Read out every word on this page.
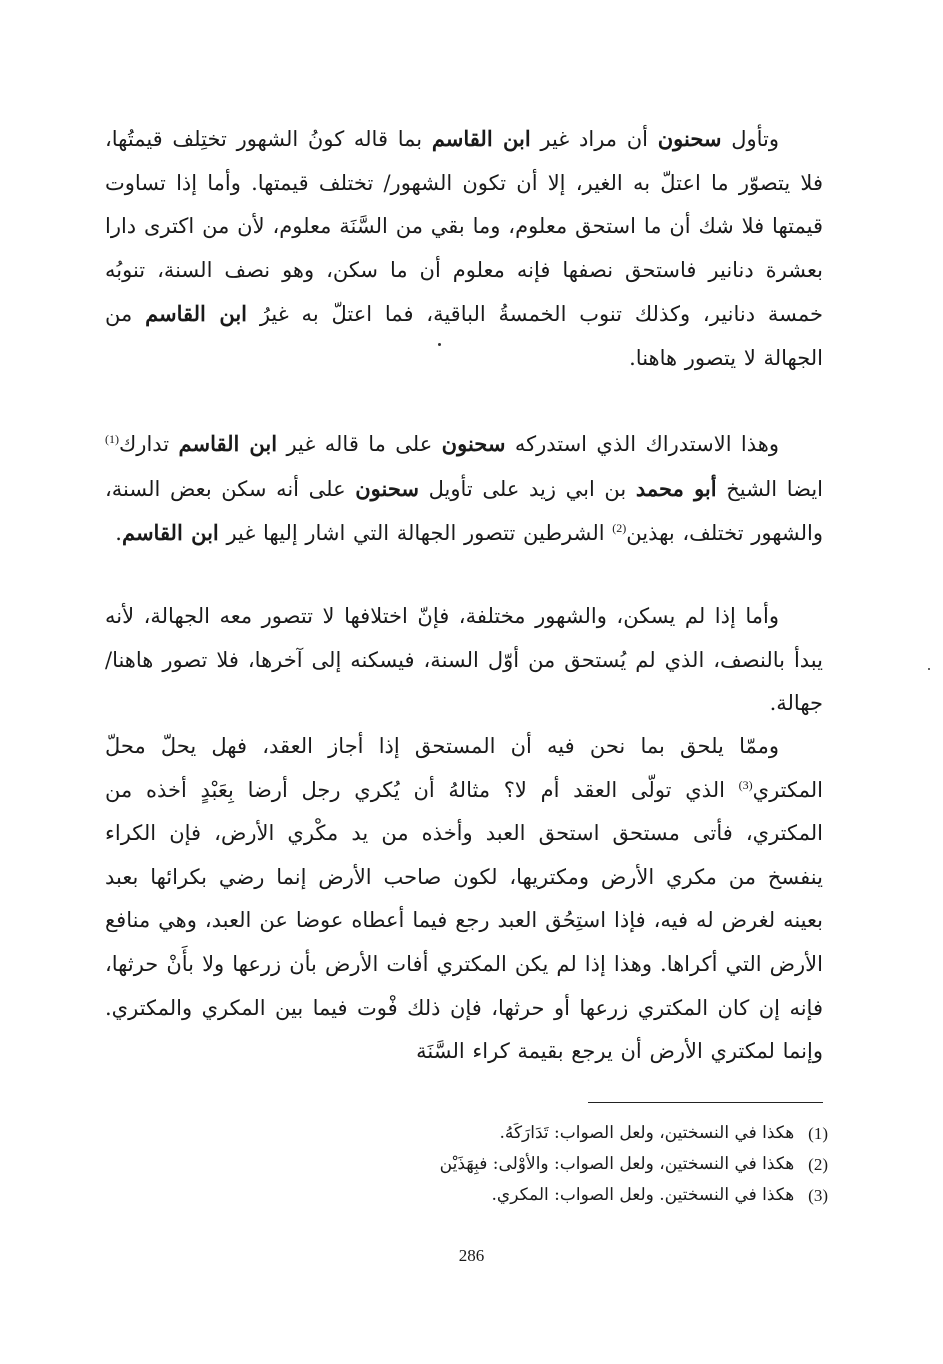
وتأول سحنون أن مراد غير ابن القاسم بما قاله كونُ الشهور تختِلف قيمتُها، فلا يتصوّر ما اعتلّ به الغير، إلا أن تكون الشهور/ تختلف قيمتها. وأما إذا تساوت قيمتها فلا شك أن ما استحق معلوم، وما بقي من السَّنَة معلوم، لأن من اكترى دارا بعشرة دنانير فاستحق نصفها فإنه معلوم أن ما سكن، وهو نصف السنة، تنوبُه خمسة دنانير، وكذلك تنوب الخمسةُ الباقية، فما اعتلّ به غيرُ ابن القاسم من الجهالة لا يتصور هاهنا.

وهذا الاستدراك الذي استدركه سحنون على ما قاله غير ابن القاسم تدارك$^{(1)}$ ايضا الشيخ أبو محمد بن ابي زيد على تأويل سحنون على أنه سكن بعض السنة، والشهور تختلف، بهذين$^{(2)}$ الشرطين تتصور الجهالة التي اشار إليها غير ابن القاسم.

وأما إذا لم يسكن، والشهور مختلفة، فإنّ اختلافها لا تتصور معه الجهالة، لأنه يبدأ بالنصف، الذي لم يُستحق من أوّل السنة، فيسكنه إلى آخرها، فلا تصور هاهنا/ جهالة.

وممّا يلحق بما نحن فيه أن المستحق إذا أجاز العقد، فهل يحلّ محلّ المكتري$^{(3)}$ الذي تولّى العقد أم لا؟ مثالهُ أن يُكري رجل أرضا بِعَبْدٍ أخذه من المكتري، فأتى مستحق استحق العبد وأخذه من يد مكْري الأرض، فإن الكراء ينفسخ من مكري الأرض ومكتريها، لكون صاحب الأرض إنما رضي بكرائها بعبد بعينه لغرض له فيه، فإذا استِحُق العبد رجع فيما أعطاه عوضا عن العبد، وهي منافع الأرض التي أكراها. وهذا إذا لم يكن المكتري أفات الأرض بأن زرعها ولا بأَنْ حرثها، فإنه إن كان المكتري زرعها أو حرثها، فإن ذلك فْوت فيما بين المكري والمكتري. وإنما لمكتري الأرض أن يرجع بقيمة كراء السَّنَة

(1)
هكذا في النسختين، ولعل الصواب: تَدَارَكَهُ.
(2)
هكذا في النسختين، ولعل الصواب: والأوْلى: فبِهَذَيْن
(3)
هكذا في النسختين. ولعل الصواب: المكري.
286
